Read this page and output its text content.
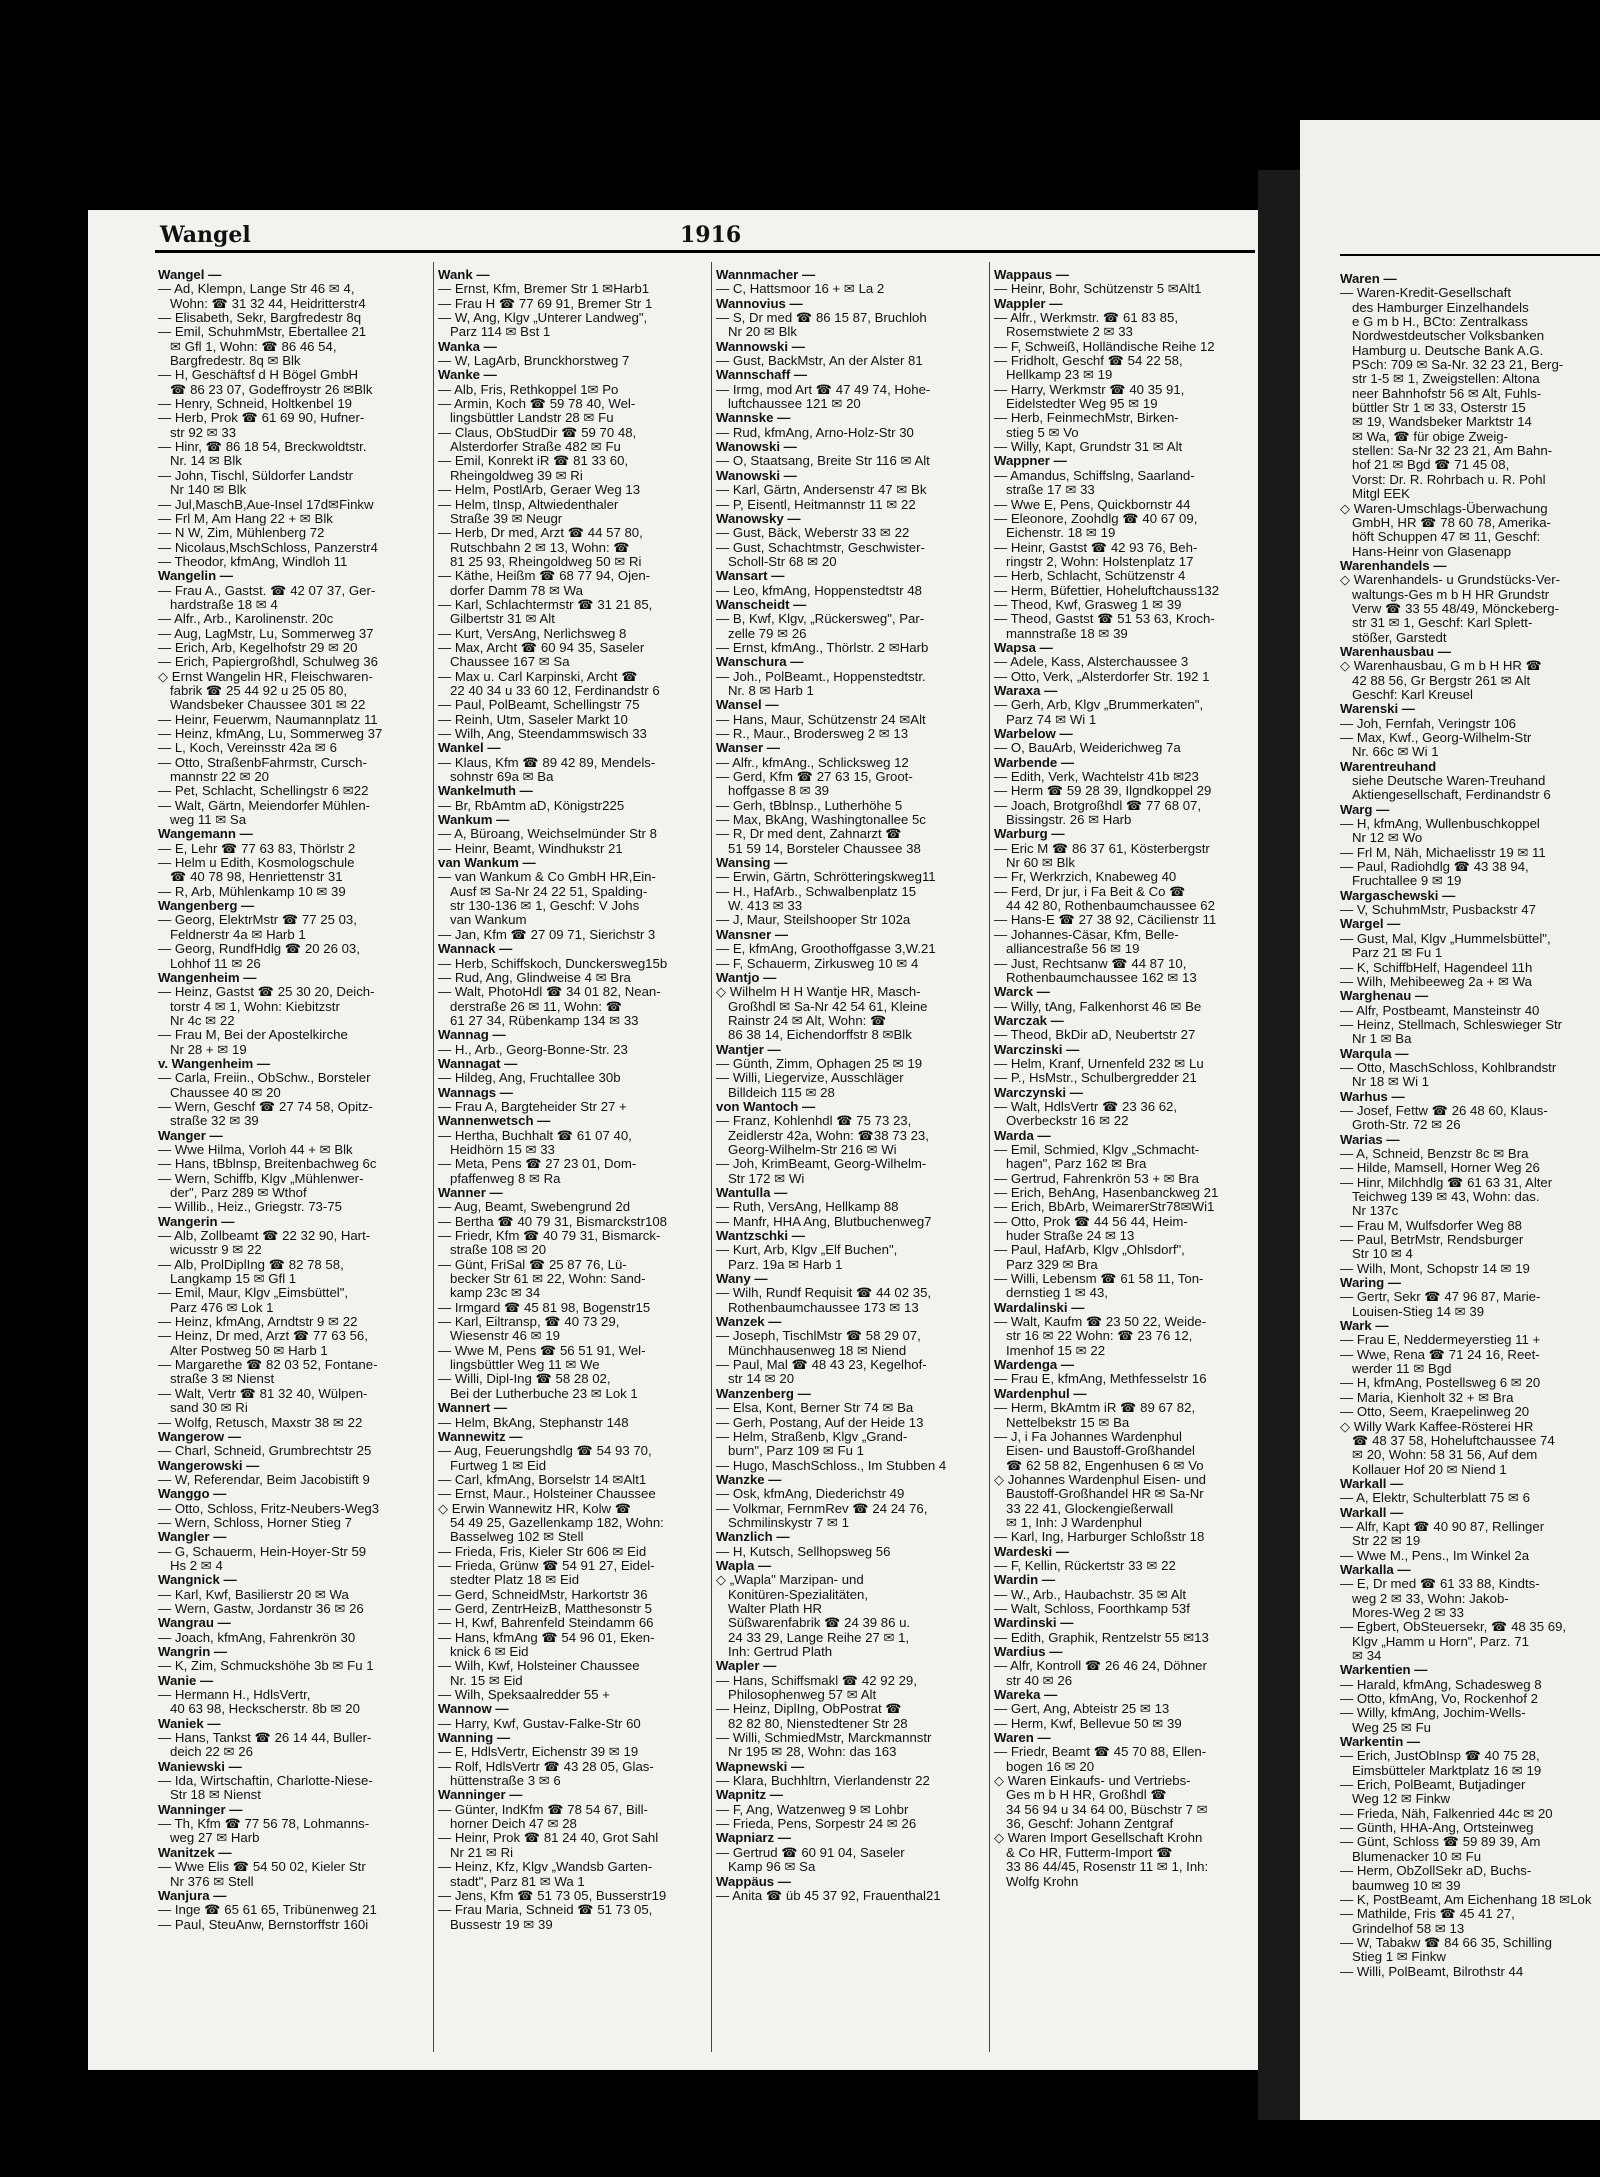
Wangel	1916
Wangel —
— Ad, Klempn, Lange Str 46 ✉ 4,
Wohn: ☎ 31 32 44, Heidritterstr4
— Elisabeth, Sekr, Bargfredestr 8q
— Emil, SchuhmMstr, Ebertallee 21
✉ Gfl 1, Wohn: ☎ 86 46 54,
Bargfredestr. 8q ✉ Blk
— H, Geschäftsf d H Bögel GmbH
☎ 86 23 07, Godeffroystr 26 ✉Blk
— Henry, Schneid, Holtkenbel 19
— Herb, Prok ☎ 61 69 90, Hufner-
str 92 ✉ 33
— Hinr, ☎ 86 18 54, Breckwoldtstr.
Nr. 14 ✉ Blk
— John, Tischl, Süldorfer Landstr
Nr 140 ✉ Blk
— Jul,MaschB,Aue-Insel 17d✉Finkw
— Frl M, Am Hang 22 + ✉ Blk
— N W, Zim, Mühlenberg 72
— Nicolaus,MschSchloss, Panzerstr4
— Theodor, kfmAng, Windloh 11
Wangelin —
— Frau A., Gastst. ☎ 42 07 37, Ger-
hardstraße 18 ✉ 4
— Alfr., Arb., Karolinenstr. 20c
— Aug, LagMstr, Lu, Sommerweg 37
— Erich, Arb, Kegelhofstr 29 ✉ 20
— Erich, Papiergroßhdl, Schulweg 36
◇ Ernst Wangelin HR, Fleischwaren-
fabrik ☎ 25 44 92 u 25 05 80,
Wandsbeker Chaussee 301 ✉ 22
— Heinr, Feuerwm, Naumannplatz 11
— Heinz, kfmAng, Lu, Sommerweg 37
— L, Koch, Vereinsstr 42a ✉ 6
— Otto, StraßenbFahrmstr, Cursch-
mannstr 22 ✉ 20
— Pet, Schlacht, Schellingstr 6 ✉22
— Walt, Gärtn, Meiendorfer Mühlen-
weg 11 ✉ Sa
Wangemann —
— E, Lehr ☎ 77 63 83, Thörlstr 2
— Helm u Edith, Kosmologschule
☎ 40 78 98, Henriettenstr 31
— R, Arb, Mühlenkamp 10 ✉ 39
Wangenberg —
— Georg, ElektrMstr ☎ 77 25 03,
Feldnerstr 4a ✉ Harb 1
— Georg, RundfHdlg ☎ 20 26 03,
Lohhof 11 ✉ 26
Wangenheim —
— Heinz, Gastst ☎ 25 30 20, Deich-
torstr 4 ✉ 1, Wohn: Kiebitzstr
Nr 4c ✉ 22
— Frau M, Bei der Apostelkirche
Nr 28 + ✉ 19
v. Wangenheim —
— Carla, Freiin., ObSchw., Borsteler
Chaussee 40 ✉ 20
— Wern, Geschf ☎ 27 74 58, Opitz-
straße 32 ✉ 39
Wanger —
— Wwe Hilma, Vorloh 44 + ✉ Blk
— Hans, tBblnsp, Breitenbachweg 6c
— Wern, Schiffb, Klgv „Mühlenwer-
der", Parz 289 ✉ Wthof
— Willib., Heiz., Griegstr. 73-75
Wangerin —
— Alb, Zollbeamt ☎ 22 32 90, Hart-
wicusstr 9 ✉ 22
— Alb, ProlDiplIng ☎ 82 78 58,
Langkamp 15 ✉ Gfl 1
— Emil, Maur, Klgv „Eimsbüttel",
Parz 476 ✉ Lok 1
— Heinz, kfmAng, Arndtstr 9 ✉ 22
— Heinz, Dr med, Arzt ☎ 77 63 56,
Alter Postweg 50 ✉ Harb 1
— Margarethe ☎ 82 03 52, Fontane-
straße 3 ✉ Nienst
— Walt, Vertr ☎ 81 32 40, Wülpen-
sand 30 ✉ Ri
— Wolfg, Retusch, Maxstr 38 ✉ 22
Wangerow —
— Charl, Schneid, Grumbrechtstr 25
Wangerowski —
— W, Referendar, Beim Jacobistift 9
Wanggo —
— Otto, Schloss, Fritz-Neubers-Weg3
— Wern, Schloss, Horner Stieg 7
Wangler —
— G, Schauerm, Hein-Hoyer-Str 59
Hs 2 ✉ 4
Wangnick —
— Karl, Kwf, Basilierstr 20 ✉ Wa
— Wern, Gastw, Jordanstr 36 ✉ 26
Wangrau —
— Joach, kfmAng, Fahrenkrön 30
Wangrin —
— K, Zim, Schmuckshöhe 3b ✉ Fu 1
Wanie —
— Hermann H., HdlsVertr,
40 63 98, Heckscherstr. 8b ✉ 20
Waniek —
— Hans, Tankst ☎ 26 14 44, Buller-
deich 22 ✉ 26
Waniewski —
— Ida, Wirtschaftin, Charlotte-Niese-
Str 18 ✉ Nienst
Wanninger —
— Th, Kfm ☎ 77 56 78, Lohmanns-
weg 27 ✉ Harb
Wanitzek —
— Wwe Elis ☎ 54 50 02, Kieler Str
Nr 376 ✉ Stell
Wanjura —
— Inge ☎ 65 61 65, Tribünenweg 21
— Paul, SteuAnw, Bernstorffstr 160i
Wank —
— Ernst, Kfm, Bremer Str 1 ✉Harb1
— Frau H ☎ 77 69 91, Bremer Str 1
— W, Ang, Klgv „Unterer Landweg",
Parz 114 ✉ Bst 1
Wanka —
— W, LagArb, Brunckhorstweg 7
Wanke —
— Alb, Fris, Rethkoppel 1✉ Po
— Armin, Koch ☎ 59 78 40, Wel-
lingsbüttler Landstr 28 ✉ Fu
— Claus, ObStudDir ☎ 59 70 48,
Alsterdorfer Straße 482 ✉ Fu
— Emil, Konrekt iR ☎ 81 33 60,
Rheingoldweg 39 ✉ Ri
— Helm, PostlArb, Geraer Weg 13
— Helm, tInsp, Altwiedenthaler
Straße 39 ✉ Neugr
— Herb, Dr med, Arzt ☎ 44 57 80,
Rutschbahn 2 ✉ 13, Wohn: ☎
81 25 93, Rheingoldweg 50 ✉ Ri
— Käthe, Heißm ☎ 68 77 94, Ojen-
dorfer Damm 78 ✉ Wa
— Karl, Schlachtermstr ☎ 31 21 85,
Gilbertstr 31 ✉ Alt
— Kurt, VersAng, Nerlichsweg 8
— Max, Archt ☎ 60 94 35, Saseler
Chaussee 167 ✉ Sa
— Max u. Carl Karpinski, Archt ☎
22 40 34 u 33 60 12, Ferdinandstr 6
— Paul, PolBeamt, Schellingstr 75
— Reinh, Utm, Saseler Markt 10
— Wilh, Ang, Steendammswisch 33
Wankel —
— Klaus, Kfm ☎ 89 42 89, Mendels-
sohnstr 69a ✉ Ba
Wankelmuth —
— Br, RbAmtm aD, Königstr225
Wankum —
— A, Büroang, Weichselmünder Str 8
— Heinr, Beamt, Windhukstr 21
van Wankum —
— van Wankum & Co GmbH HR,Ein-
Ausf ✉ Sa-Nr 24 22 51, Spalding-
str 130-136 ✉ 1, Geschf: V Johs
van Wankum
— Jan, Kfm ☎ 27 09 71, Sierichstr 3
Wannack —
— Herb, Schiffskoch, Dunckersweg15b
— Rud, Ang, Glindweise 4 ✉ Bra
— Walt, PhotoHdl ☎ 34 01 82, Nean-
derstraße 26 ✉ 11, Wohn: ☎
61 27 34, Rübenkamp 134 ✉ 33
Wannag —
— H., Arb., Georg-Bonne-Str. 23
Wannagat —
— Hildeg, Ang, Fruchtallee 30b
Wannags —
— Frau A, Bargteheider Str 27 +
Wannenwetsch —
— Hertha, Buchhalt ☎ 61 07 40,
Heidhörn 15 ✉ 33
— Meta, Pens ☎ 27 23 01, Dom-
pfaffenweg 8 ✉ Ra
Wanner —
— Aug, Beamt, Swebengrund 2d
— Bertha ☎ 40 79 31, Bismarckstr108
— Friedr, Kfm ☎ 40 79 31, Bismarck-
straße 108 ✉ 20
— Günt, FriSal ☎ 25 87 76, Lü-
becker Str 61 ✉ 22, Wohn: Sand-
kamp 23c ✉ 34
— Irmgard ☎ 45 81 98, Bogenstr15
— Karl, Eiltransp, ☎ 40 73 29,
Wiesenstr 46 ✉ 19
— Wwe M, Pens ☎ 56 51 91, Wel-
lingsbüttler Weg 11 ✉ We
— Willi, Dipl-Ing ☎ 58 28 02,
Bei der Lutherbuche 23 ✉ Lok 1
Wannert —
— Helm, BkAng, Stephanstr 148
Wannewitz —
— Aug, Feuerungshdlg ☎ 54 93 70,
Furtweg 1 ✉ Eid
— Carl, kfmAng, Borselstr 14 ✉Alt1
— Ernst, Maur., Holsteiner Chaussee
◇ Erwin Wannewitz HR, Kolw ☎
54 49 25, Gazellenkamp 182, Wohn:
Basselweg 102 ✉ Stell
— Frieda, Fris, Kieler Str 606 ✉ Eid
— Frieda, Grünw ☎ 54 91 27, Eidel-
stedter Platz 18 ✉ Eid
— Gerd, SchneidMstr, Harkortstr 36
— Gerd, ZentrHeizB, Matthesonstr 5
— H, Kwf, Bahrenfeld Steindamm 66
— Hans, kfmAng ☎ 54 96 01, Eken-
knick 6 ✉ Eid
— Wilh, Kwf, Holsteiner Chaussee
Nr. 15 ✉ Eid
— Wilh, Speksaalredder 55 +
Wannow —
— Harry, Kwf, Gustav-Falke-Str 60
Wanning —
— E, HdlsVertr, Eichenstr 39 ✉ 19
— Rolf, HdlsVertr ☎ 43 28 05, Glas-
hüttenstraße 3 ✉ 6
Wanninger —
— Günter, IndKfm ☎ 78 54 67, Bill-
horner Deich 47 ✉ 28
— Heinr, Prok ☎ 81 24 40, Grot Sahl
Nr 21 ✉ Ri
— Heinz, Kfz, Klgv „Wandsb Garten-
stadt", Parz 81 ✉ Wa 1
— Jens, Kfm ☎ 51 73 05, Busserstr19
— Frau Maria, Schneid ☎ 51 73 05,
Bussestr 19 ✉ 39
Wannmacher —
— C, Hattsmoor 16 + ✉ La 2
Wannovius —
— S, Dr med ☎ 86 15 87, Bruchloh
Nr 20 ✉ Blk
Wannowski —
— Gust, BackMstr, An der Alster 81
Wannschaff —
— Irmg, mod Art ☎ 47 49 74, Hohe-
luftchaussee 121 ✉ 20
Wannske —
— Rud, kfmAng, Arno-Holz-Str 30
Wanowski —
— O, Staatsang, Breite Str 116 ✉ Alt
Wanowski —
— Karl, Gärtn, Andersenstr 47 ✉ Bk
— P, Eisentl, Heitmannstr 11 ✉ 22
Wanowsky —
— Gust, Bäck, Weberstr 33 ✉ 22
— Gust, Schachtmstr, Geschwister-
Scholl-Str 68 ✉ 20
Wansart —
— Leo, kfmAng, Hoppenstedtstr 48
Wanscheidt —
— B, Kwf, Klgv, „Rückersweg", Par-
zelle 79 ✉ 26
— Ernst, kfmAng., Thörlstr. 2 ✉Harb
Wanschura —
— Joh., PolBeamt., Hoppenstedtstr.
Nr. 8 ✉ Harb 1
Wansel —
— Hans, Maur, Schützenstr 24 ✉Alt
— R., Maur., Brodersweg 2 ✉ 13
Wanser —
— Alfr., kfmAng., Schlicksweg 12
— Gerd, Kfm ☎ 27 63 15, Groot-
hoffgasse 8 ✉ 39
— Gerh, tBblnsp., Lutherhöhe 5
— Max, BkAng, Washingtonallee 5c
— R, Dr med dent, Zahnarzt ☎
51 59 14, Borsteler Chaussee 38
Wansing —
— Erwin, Gärtn, Schrötteringskweg11
— H., HafArb., Schwalbenplatz 15
W. 413 ✉ 33
— J, Maur, Steilshooper Str 102a
Wansner —
— E, kfmAng, Groothoffgasse 3,W.21
— F, Schauerm, Zirkusweg 10 ✉ 4
Wantjo —
◇ Wilhelm H H Wantje HR, Masch-
Großhdl ✉ Sa-Nr 42 54 61, Kleine
Rainstr 24 ✉ Alt, Wohn: ☎
86 38 14, Eichendorffstr 8 ✉Blk
Wantjer —
— Günth, Zimm, Ophagen 25 ✉ 19
— Willi, Liegervize, Ausschläger
Billdeich 115 ✉ 28
von Wantoch —
— Franz, Kohlenhdl ☎ 75 73 23,
Zeidlerstr 42a, Wohn: ☎38 73 23,
Georg-Wilhelm-Str 216 ✉ Wi
— Joh, KrimBeamt, Georg-Wilhelm-
Str 172 ✉ Wi
Wantulla —
— Ruth, VersAng, Hellkamp 88
— Manfr, HHA Ang, Blutbuchenweg7
Wantzschki —
— Kurt, Arb, Klgv „Elf Buchen",
Parz. 19a ✉ Harb 1
Wany —
— Wilh, Rundf Requisit ☎ 44 02 35,
Rothenbaumchaussee 173 ✉ 13
Wanzek —
— Joseph, TischlMstr ☎ 58 29 07,
Münchhausenweg 18 ✉ Niend
— Paul, Mal ☎ 48 43 23, Kegelhof-
str 14 ✉ 20
Wanzenberg —
— Elsa, Kont, Berner Str 74 ✉ Ba
— Gerh, Postang, Auf der Heide 13
— Helm, Straßenb, Klgv „Grand-
burn", Parz 109 ✉ Fu 1
— Hugo, MaschSchloss., Im Stubben 4
Wanzke —
— Osk, kfmAng, Diederichstr 49
— Volkmar, FernmRev ☎ 24 24 76,
Schmilinskystr 7 ✉ 1
Wanzlich —
— H, Kutsch, Sellhopsweg 56
Wapla —
◇ „Wapla" Marzipan- und
Konitüren-Spezialitäten,
Walter Plath HR
Süßwarenfabrik ☎ 24 39 86 u.
24 33 29, Lange Reihe 27 ✉ 1,
Inh: Gertrud Plath
Wapler —
— Hans, Schiffsmakl ☎ 42 92 29,
Philosophenweg 57 ✉ Alt
— Heinz, DiplIng, ObPostrat ☎
82 82 80, Nienstedtener Str 28
— Willi, SchmiedMstr, Marckmannstr
Nr 195 ✉ 28, Wohn: das 163
Wapnewski —
— Klara, Buchhltrn, Vierlandenstr 22
Wapnitz —
— F, Ang, Watzenweg 9 ✉ Lohbr
— Frieda, Pens, Sorpestr 24 ✉ 26
Wapniarz —
— Gertrud ☎ 60 91 04, Saseler
Kamp 96 ✉ Sa
Wappäus —
— Anita ☎ üb 45 37 92, Frauenthal21
Wappaus —
— Heinr, Bohr, Schützenstr 5 ✉Alt1
Wappler —
— Alfr., Werkmstr. ☎ 61 83 85,
Rosemstwiete 2 ✉ 33
— F, Schweiß, Holländische Reihe 12
— Fridholt, Geschf ☎ 54 22 58,
Hellkamp 23 ✉ 19
— Harry, Werkmstr ☎ 40 35 91,
Eidelstedter Weg 95 ✉ 19
— Herb, FeinmechMstr, Birken-
stieg 5 ✉ Vo
— Willy, Kapt, Grundstr 31 ✉ Alt
Wappner —
— Amandus, Schiffslng, Saarland-
straße 17 ✉ 33
— Wwe E, Pens, Quickbornstr 44
— Eleonore, Zoohdlg ☎ 40 67 09,
Eichenstr. 18 ✉ 19
— Heinr, Gastst ☎ 42 93 76, Beh-
ringstr 2, Wohn: Holstenplatz 17
— Herb, Schlacht, Schützenstr 4
— Herm, Büfettier, Hoheluftchauss132
— Theod, Kwf, Grasweg 1 ✉ 39
— Theod, Gastst ☎ 51 53 63, Kroch-
mannstraße 18 ✉ 39
Wapsa —
— Adele, Kass, Alsterchaussee 3
— Otto, Verk, „Alsterdorfer Str. 192 1
Waraxa —
— Gerh, Arb, Klgv „Brummerkaten",
Parz 74 ✉ Wi 1
Warbelow —
— O, BauArb, Weiderichweg 7a
Warbende —
— Edith, Verk, Wachtelstr 41b ✉23
— Herm ☎ 59 28 39, Ilgndkoppel 29
— Joach, Brotgroßhdl ☎ 77 68 07,
Bissingstr. 26 ✉ Harb
Warburg —
— Eric M ☎ 86 37 61, Kösterbergstr
Nr 60 ✉ Blk
— Fr, Werkrzich, Knabeweg 40
— Ferd, Dr jur, i Fa Beit & Co ☎
44 42 80, Rothenbaumchaussee 62
— Hans-E ☎ 27 38 92, Cäcilienstr 11
— Johannes-Cäsar, Kfm, Belle-
alliancestraße 56 ✉ 19
— Just, Rechtsanw ☎ 44 87 10,
Rothenbaumchaussee 162 ✉ 13
Warck —
— Willy, tAng, Falkenhorst 46 ✉ Be
Warczak —
— Theod, BkDir aD, Neubertstr 27
Warczinski —
— Helm, Kranf, Urnenfeld 232 ✉ Lu
— P., HsMstr., Schulbergredder 21
Warczynski —
— Walt, HdlsVertr ☎ 23 36 62,
Overbeckstr 16 ✉ 22
Warda —
— Emil, Schmied, Klgv „Schmacht-
hagen", Parz 162 ✉ Bra
— Gertrud, Fahrenkrön 53 + ✉ Bra
— Erich, BehAng, Hasenbanckweg 21
— Erich, BbArb, WeimarerStr78✉Wi1
— Otto, Prok ☎ 44 56 44, Heim-
huder Straße 24 ✉ 13
— Paul, HafArb, Klgv „Ohlsdorf",
Parz 329 ✉ Bra
— Willi, Lebensm ☎ 61 58 11, Ton-
dernstieg 1 ✉ 43,
Wardalinski —
— Walt, Kaufm ☎ 23 50 22, Weide-
str 16 ✉ 22 Wohn: ☎ 23 76 12,
Imenhof 15 ✉ 22
Wardenga —
— Frau E, kfmAng, Methfesselstr 16
Wardenphul —
— Herm, BkAmtm iR ☎ 89 67 82,
Nettelbekstr 15 ✉ Ba
— J, i Fa Johannes Wardenphul
Eisen- und Baustoff-Großhandel
☎ 62 58 82, Engenhusen 6 ✉ Vo
◇ Johannes Wardenphul Eisen- und
Baustoff-Großhandel HR ✉ Sa-Nr
33 22 41, Glockengießerwall
✉ 1, Inh: J Wardenphul
— Karl, Ing, Harburger Schloßstr 18
Wardeski —
— F, Kellin, Rückertstr 33 ✉ 22
Wardin —
— W., Arb., Haubachstr. 35 ✉ Alt
— Walt, Schloss, Foorthkamp 53f
Wardinski —
— Edith, Graphik, Rentzelstr 55 ✉13
Wardius —
— Alfr, Kontroll ☎ 26 46 24, Döhner
str 40 ✉ 26
Wareka —
— Gert, Ang, Abteistr 25 ✉ 13
— Herm, Kwf, Bellevue 50 ✉ 39
Waren —
— Friedr, Beamt ☎ 45 70 88, Ellen-
bogen 16 ✉ 20
◇ Waren Einkaufs- und Vertriebs-
Ges m b H HR, Großhdl ☎
34 56 94 u 34 64 00, Büschstr 7 ✉
36, Geschf: Johann Zentgraf
◇ Waren Import Gesellschaft Krohn
& Co HR, Futterm-Import ☎
33 86 44/45, Rosenstr 11 ✉ 1, Inh:
Wolfg Krohn
Waren —
— Waren-Kredit-Gesellschaft
des Hamburger Einzelhandels
e G m b H., BCto: Zentralkass
Nordwestdeutscher Volksbanken
Hamburg u. Deutsche Bank A.G.
PSch: 709 ✉ Sa-Nr. 32 23 21, Berg-
str 1-5 ✉ 1, Zweigstellen: Altona
neer Bahnhofstr 56 ✉ Alt, Fuhls-
büttler Str 1 ✉ 33, Osterstr 15
✉ 19, Wandsbeker Marktstr 14
✉ Wa, ☎ für obige Zweig-
stellen: Sa-Nr 32 23 21, Am Bahn-
hof 21 ✉ Bgd ☎ 71 45 08,
Vorst: Dr. R. Rohrbach u. R. Pohl
Mitgl EEK
◇ Waren-Umschlags-Überwachung
GmbH, HR ☎ 78 60 78, Amerika-
höft Schuppen 47 ✉ 11, Geschf:
Hans-Heinr von Glasenapp
Warenhandels —
◇ Warenhandels- u Grundstücks-Ver-
waltungs-Ges m b H HR Grundstr
Verw ☎ 33 55 48/49, Mönckeberg-
str 31 ✉ 1, Geschf: Karl Splett-
stößer, Garstedt
Warenhausbau —
◇ Warenhausbau, G m b H HR ☎
42 88 56, Gr Bergstr 261 ✉ Alt
Geschf: Karl Kreusel
Warenski —
— Joh, Fernfah, Veringstr 106
— Max, Kwf., Georg-Wilhelm-Str
Nr. 66c ✉ Wi 1
Warentreuhand
siehe Deutsche Waren-Treuhand
Aktiengesellschaft, Ferdinandstr 6
Warg —
— H, kfmAng, Wullenbuschkoppel
Nr 12 ✉ Wo
— Frl M, Näh, Michaelisstr 19 ✉ 11
— Paul, Radiohdlg ☎ 43 38 94,
Fruchtallee 9 ✉ 19
Wargaschewski —
— V, SchuhmMstr, Pusbackstr 47
Wargel —
— Gust, Mal, Klgv „Hummelsbüttel",
Parz 21 ✉ Fu 1
— K, SchiffbHelf, Hagendeel 11h
— Wilh, Mehibeeweg 2a + ✉ Wa
Warghenau —
— Alfr, Postbeamt, Mansteinstr 40
— Heinz, Stellmach, Schleswieger Str
Nr 1 ✉ Ba
Warqula —
— Otto, MaschSchloss, Kohlbrandstr
Nr 18 ✉ Wi 1
Warhus —
— Josef, Fettw ☎ 26 48 60, Klaus-
Groth-Str. 72 ✉ 26
Warias —
— A, Schneid, Benzstr 8c ✉ Bra
— Hilde, Mamsell, Horner Weg 26
— Hinr, Milchhdlg ☎ 61 63 31, Alter
Teichweg 139 ✉ 43, Wohn: das.
Nr 137c
— Frau M, Wulfsdorfer Weg 88
— Paul, BetrMstr, Rendsburger
Str 10 ✉ 4
— Wilh, Mont, Schopstr 14 ✉ 19
Waring —
— Gertr, Sekr ☎ 47 96 87, Marie-
Louisen-Stieg 14 ✉ 39
Wark —
— Frau E, Neddermeyerstieg 11 +
— Wwe, Rena ☎ 71 24 16, Reet-
werder 11 ✉ Bgd
— H, kfmAng, Postellsweg 6 ✉ 20
— Maria, Kienholt 32 + ✉ Bra
— Otto, Seem, Kraepelinweg 20
◇ Willy Wark Kaffee-Rösterei HR
☎ 48 37 58, Hoheluftchaussee 74
✉ 20, Wohn: 58 31 56, Auf dem
Kollauer Hof 20 ✉ Niend 1
Warkall —
— A, Elektr, Schulterblatt 75 ✉ 6
Warkall —
— Alfr, Kapt ☎ 40 90 87, Rellinger
Str 22 ✉ 19
— Wwe M., Pens., Im Winkel 2a
Warkalla —
— E, Dr med ☎ 61 33 88, Kindts-
weg 2 ✉ 33, Wohn: Jakob-
Mores-Weg 2 ✉ 33
— Egbert, ObSteuersekr, ☎ 48 35 69,
Klgv „Hamm u Horn", Parz. 71
✉ 34
Warkentien —
— Harald, kfmAng, Schadesweg 8
— Otto, kfmAng, Vo, Rockenhof 2
— Willy, kfmAng, Jochim-Wells-
Weg 25 ✉ Fu
Warkentin —
— Erich, JustObInsp ☎ 40 75 28,
Eimsbütteler Marktplatz 16 ✉ 19
— Erich, PolBeamt, Butjadinger
Weg 12 ✉ Finkw
— Frieda, Näh, Falkenried 44c ✉ 20
— Günth, HHA-Ang, Ortsteinweg
— Günt, Schloss ☎ 59 89 39, Am
Blumenacker 10 ✉ Fu
— Herm, ObZollSekr aD, Buchs-
baumweg 10 ✉ 39
— K, PostBeamt, Am Eichenhang 18 ✉Lok
— Mathilde, Fris ☎ 45 41 27,
Grindelhof 58 ✉ 13
— W, Tabakw ☎ 84 66 35, Schilling
Stieg 1 ✉ Finkw
— Willi, PolBeamt, Bilrothstr 44
